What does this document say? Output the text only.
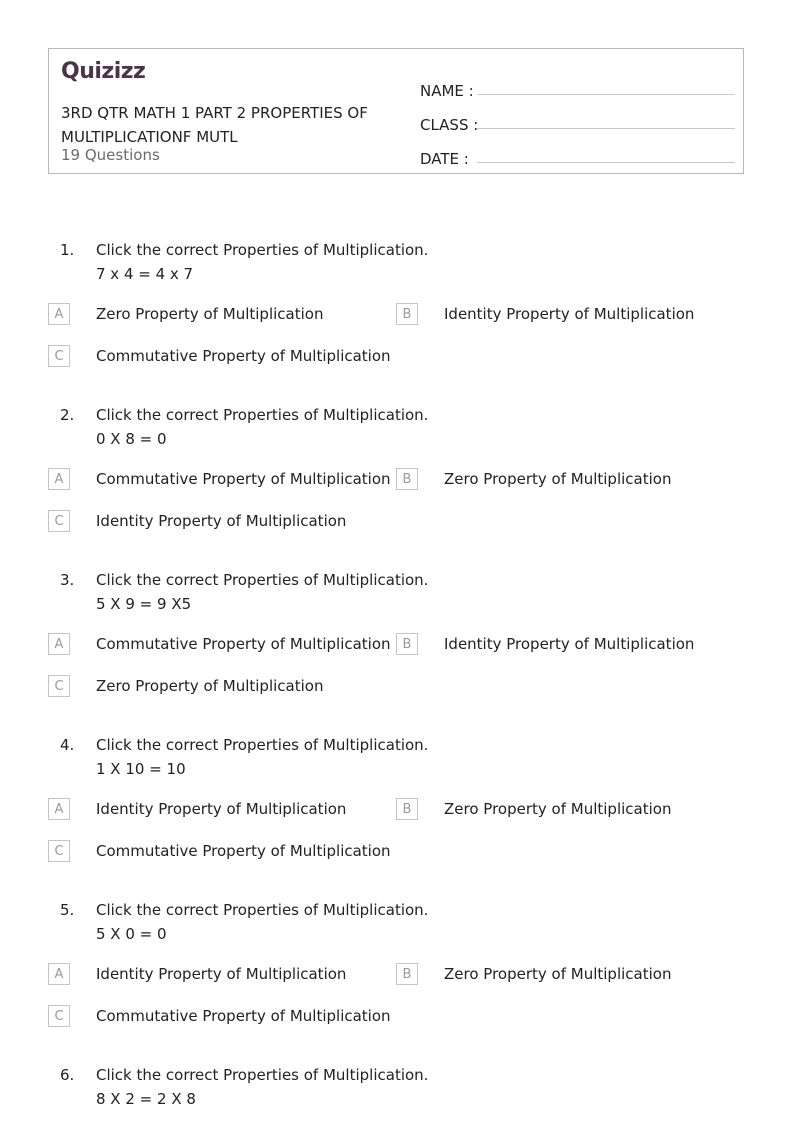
Quizizz
3RD QTR MATH 1 PART 2 PROPERTIES OF MULTIPLICATIONF MUTL
19 Questions
NAME :
CLASS :
DATE :
1.	Click the correct Properties of Multiplication.
7 x 4 = 4 x 7
A	Zero Property of Multiplication	B	Identity Property of Multiplication
C	Commutative Property of Multiplication
2.	Click the correct Properties of Multiplication.
0 X 8 = 0
A	Commutative Property of Multiplication B	Zero Property of Multiplication
C	Identity Property of Multiplication
3.	Click the correct Properties of Multiplication.
5 X 9 = 9 X5
A	Commutative Property of Multiplication B	Identity Property of Multiplication
C	Zero Property of Multiplication
4.	Click the correct Properties of Multiplication.
1 X 10 = 10
A	Identity Property of Multiplication	B	Zero Property of Multiplication
C	Commutative Property of Multiplication
5.	Click the correct Properties of Multiplication.
5 X 0 = 0
A	Identity Property of Multiplication	B	Zero Property of Multiplication
C	Commutative Property of Multiplication
6.	Click the correct Properties of Multiplication.
8 X 2 = 2 X 8
